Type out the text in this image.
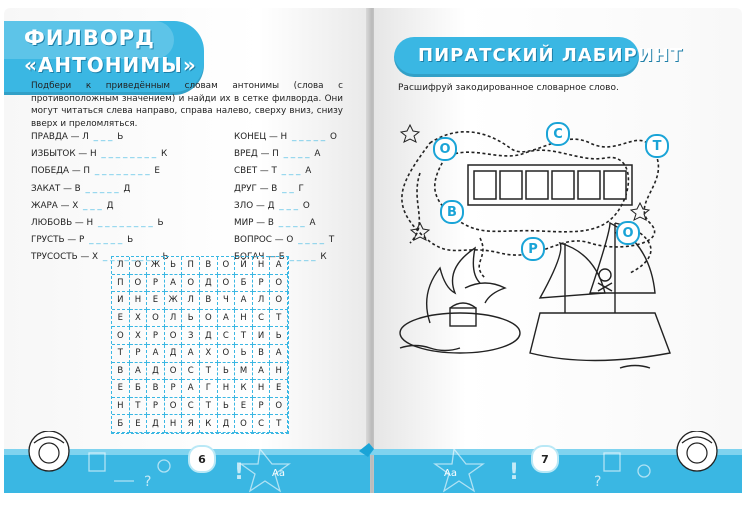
ФИЛВОРД
«АНТОНИМЫ»
Подбери к приведённым словам антонимы (слова с противоположным значением) и найди их в сетке филворда. Они могут читаться слева направо, справа налево, сверху вниз, снизу вверх и преломляться.
ПРАВДА — Л _ _ _ Ь
ИЗБЫТОК — Н _ _ _ _ _ _ _ _ К
ПОБЕДА — П _ _ _ _ _ _ _ _ Е
ЗАКАТ — В _ _ _ _ _ Д
ЖАРА — Х _ _ _ Д
ЛЮБОВЬ — Н _ _ _ _ _ _ _ _ Ь
ГРУСТЬ — Р _ _ _ _ _ Ь
ТРУСОСТЬ — Х _ _ _ _ _ _ _ _ Ь
КОНЕЦ — Н _ _ _ _ _ О
ВРЕД — П _ _ _ _ А
СВЕТ — Т _ _ _ А
ДРУГ — В _ _ Г
ЗЛО — Д _ _ _ О
МИР — В _ _ _ _ А
ВОПРОС — О _ _ _ _ Т
БОГАЧ — Б _ _ _ _ К
Л	О	Ж	Ь	П	В	О	Й	Н	А
П	О	Р	А	О	Д	О	Б	Р	О
И	Н	Е	Ж	Л	В	Ч	А	Л	О
Е	Х	О	Л	Ь	О	А	Н	С	Т
О	Х	Р	О	З	Д	С	Т	И	Ь
Т	Р	А	Д	А	Х	О	Ь	В	А
В	А	Д	О	С	Т	Ь	М	А	Н
Е	Б	В	Р	А	Г	Н	К	Н	Е
Н	Т	Р	О	С	Т	Ь	Е	Р	О
Б	Е	Д	Н	Я	К	Д	О	С	Т
ПИРАТСКИЙ ЛАБИРИНТ
Расшифруй закодированное словарное слово.
О
С
Т
В
Р
О
Aa	Aa
!	!
?	?
6	7
